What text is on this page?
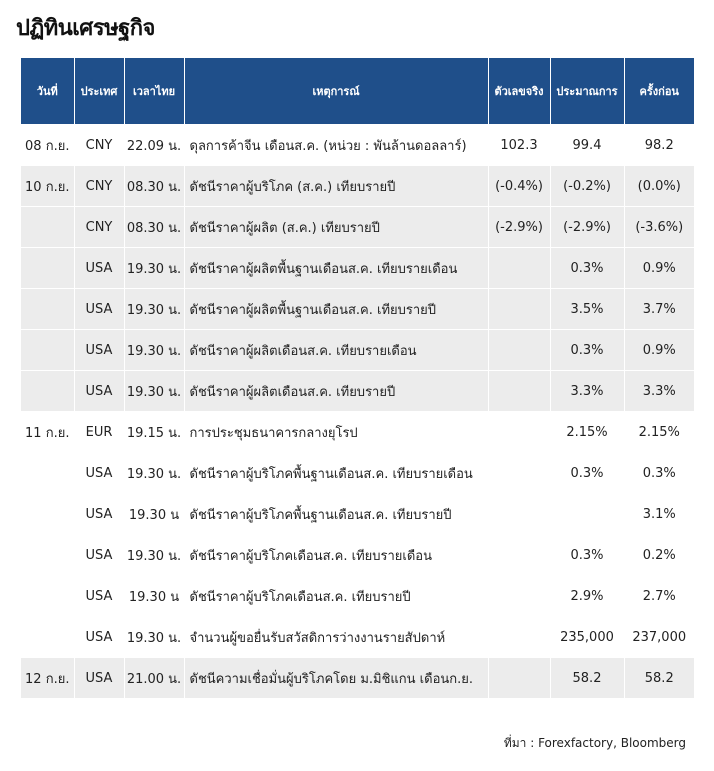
ปฏิทินเศรษฐกิจ
วันที่	ประเทศ	เวลาไทย	เหตุการณ์	ตัวเลขจริง	ประมาณการ	ครั้งก่อน
08 ก.ย.	CNY	22.09 น.	ดุลการค้าจีน เดือนส.ค. (หน่วย : พันล้านดอลลาร์)	102.3	99.4	98.2
10 ก.ย.	CNY	08.30 น.	ดัชนีราคาผู้บริโภค (ส.ค.) เทียบรายปี	(-0.4%)	(-0.2%)	(0.0%)
	CNY	08.30 น.	ดัชนีราคาผู้ผลิต (ส.ค.) เทียบรายปี	(-2.9%)	(-2.9%)	(-3.6%)
	USA	19.30 น.	ดัชนีราคาผู้ผลิตพื้นฐานเดือนส.ค. เทียบรายเดือน		0.3%	0.9%
	USA	19.30 น.	ดัชนีราคาผู้ผลิตพื้นฐานเดือนส.ค. เทียบรายปี		3.5%	3.7%
	USA	19.30 น.	ดัชนีราคาผู้ผลิตเดือนส.ค. เทียบรายเดือน		0.3%	0.9%
	USA	19.30 น.	ดัชนีราคาผู้ผลิตเดือนส.ค. เทียบรายปี		3.3%	3.3%
11 ก.ย.	EUR	19.15 น.	การประชุมธนาคารกลางยุโรป		2.15%	2.15%
	USA	19.30 น.	ดัชนีราคาผู้บริโภคพื้นฐานเดือนส.ค. เทียบรายเดือน		0.3%	0.3%
	USA	19.30 น	ดัชนีราคาผู้บริโภคพื้นฐานเดือนส.ค. เทียบรายปี			3.1%
	USA	19.30 น.	ดัชนีราคาผู้บริโภคเดือนส.ค. เทียบรายเดือน		0.3%	0.2%
	USA	19.30 น	ดัชนีราคาผู้บริโภคเดือนส.ค. เทียบรายปี		2.9%	2.7%
	USA	19.30 น.	จำนวนผู้ขอยื่นรับสวัสดิการว่างงานรายสัปดาห์		235,000	237,000
12 ก.ย.	USA	21.00 น.	ดัชนีความเชื่อมั่นผู้บริโภคโดย ม.มิชิแกน เดือนก.ย.		58.2	58.2
ที่มา : Forexfactory, Bloomberg
